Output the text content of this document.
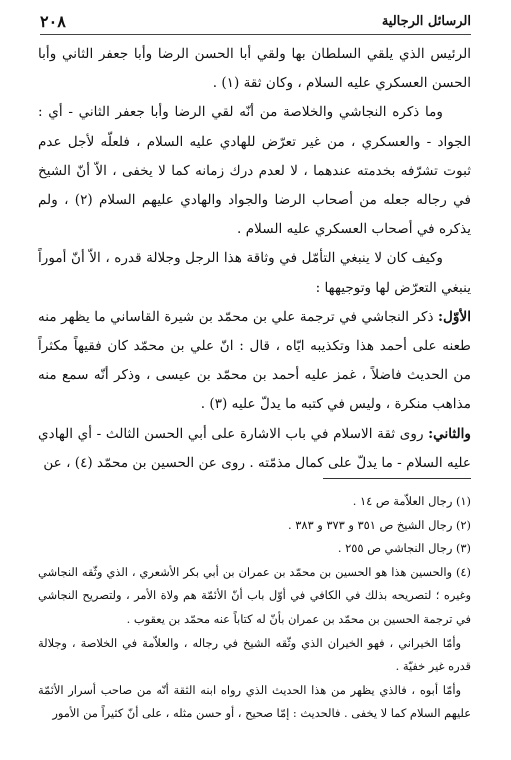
الرسائل الرجالية
٢٠٨

الرئيس الذي يلقي السلطان بها ولقي أبا الحسن الرضا وأبا جعفر الثاني وأبا الحسن العسكري عليه السلام ، وكان ثقة (١) .

وما ذكره النجاشي والخلاصة من أنّه لقي الرضا وأبا جعفر الثاني - أي : الجواد - والعسكري ، من غير تعرّض للهادي عليه السلام ، فلعلّه لأجل عدم ثبوت تشرّفه بخدمته عندهما ، لا لعدم درك زمانه كما لا يخفى ، الاّ أنّ الشيخ في رجاله جعله من أصحاب الرضا والجواد والهادي عليهم السلام (٢) ، ولم يذكره في أصحاب العسكري عليه السلام .

وكيف كان لا ينبغي التأمّل في وثاقة هذا الرجل وجلالة قدره ، الاّ أنّ أموراً ينبغي التعرّض لها وتوجيهها :

الأوّل: ذكر النجاشي في ترجمة علي بن محمّد بن شيرة القاساني ما يظهر منه طعنه على أحمد هذا وتكذيبه ايّاه ، قال : انّ علي بن محمّد كان فقيهاً مكثراً من الحديث فاضلاً ، غمز عليه أحمد بن محمّد بن عيسى ، وذكر أنّه سمع منه مذاهب منكرة ، وليس في كتبه ما يدلّ عليه (٣) .

والثاني: روى ثقة الاسلام في باب الاشارة على أبي الحسن الثالث - أي الهادي عليه السلام - ما يدلّ على كمال مذمّته . روى عن الحسين بن محمّد (٤) ، عن

(١) رجال العلاّمة ص ١٤ .

(٢) رجال الشيخ ص ٣٥١ و ٣٧٣ و ٣٨٣ .

(٣) رجال النجاشي ص ٢٥٥ .

(٤) والحسين هذا هو الحسين بن محمّد بن عمران بن أبي بكر الأشعري ، الذي وثّقه النجاشي وغيره ؛ لتصريحه بذلك في الكافي في أوّل باب أنّ الأئمّة هم ولاة الأمر ، ولتصريح النجاشي في ترجمة الحسين بن محمّد بن عمران بأنّ له كتاباً عنه محمّد بن يعقوب .

وأمّا الخيراني ، فهو الخيران الذي وثّقه الشيخ في رجاله ، والعلاّمة في الخلاصة ، وجلالة قدره غير خفيّة .

وأمّا أبوه ، فالذي يظهر من هذا الحديث الذي رواه ابنه الثقة أنّه من صاحب أسرار الأئمّة عليهم السلام كما لا يخفى . فالحديث : إمّا صحيح ، أو حسن مثله ، على أنّ كثيراً من الأمور
